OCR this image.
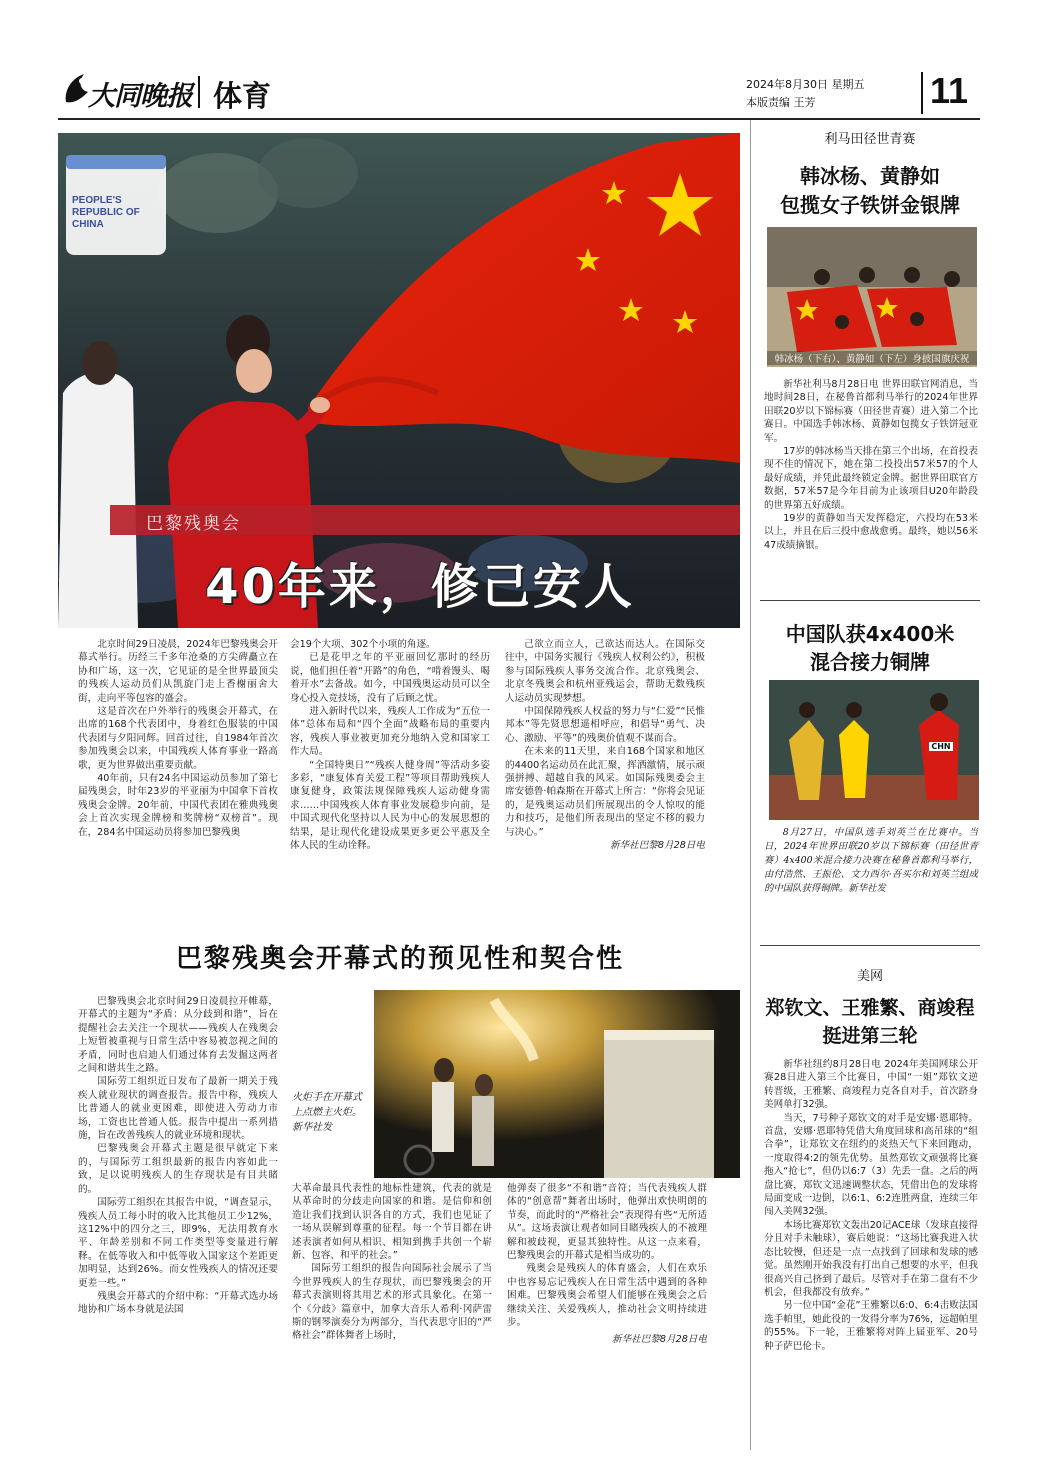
大同晚报 体育	2024年8月30日 星期五
本版责编 王芳	11
PEOPLE'S REPUBLIC OF CHINA
巴黎残奥会
40年来，修己安人

北京时间29日凌晨，2024年巴黎残奥会开幕式举行。历经三千多年沧桑的方尖碑矗立在协和广场，这一次，它见证的是全世界最顶尖的残疾人运动员们从凯旋门走上香榭丽舍大街，走向平等包容的盛会。

这是首次在户外举行的残奥会开幕式，在出席的168个代表团中，身着红色服装的中国代表团与夕阳同辉。回首过往，自1984年首次参加残奥会以来，中国残疾人体育事业一路高歌，更为世界做出重要贡献。

40年前，只有24名中国运动员参加了第七届残奥会，时年23岁的平亚丽为中国拿下首枚残奥会金牌。20年前，中国代表团在雅典残奥会上首次实现金牌榜和奖牌榜“双榜首”。现在，284名中国运动员将参加巴黎残奥

会19个大项、302个小项的角逐。

已是花甲之年的平亚丽回忆那时的经历说，他们担任着“开路”的角色，“啃着馒头、喝着开水”去备战。如今，中国残奥运动员可以全身心投入竞技场，没有了后顾之忧。

进入新时代以来，残疾人工作成为“五位一体”总体布局和“四个全面”战略布局的重要内容，残疾人事业被更加充分地纳入党和国家工作大局。

“全国特奥日”“残疾人健身周”等活动多姿多彩，“康复体育关爱工程”等项目帮助残疾人康复健身，政策法规保障残疾人运动健身需求……中国残疾人体育事业发展稳步向前，是中国式现代化坚持以人民为中心的发展思想的结果，是让现代化建设成果更多更公平惠及全体人民的生动诠释。

己欲立而立人，己欲达而达人。在国际交往中，中国务实履行《残疾人权利公约》，积极参与国际残疾人事务交流合作。北京残奥会、北京冬残奥会和杭州亚残运会，帮助无数残疾人运动员实现梦想。

中国保障残疾人权益的努力与“仁爱”“民惟邦本”等先贤思想遥相呼应，和倡导“勇气、决心、激励、平等”的残奥价值观不谋而合。

在未来的11天里，来自168个国家和地区的4400名运动员在此汇聚，挥洒激情，展示顽强拼搏、超越自我的风采。如国际残奥委会主席安德鲁·帕森斯在开幕式上所言：“你将会见证的，是残奥运动员们所展现出的令人惊叹的能力和技巧，是他们所表现出的坚定不移的毅力与决心。”

新华社巴黎8月28日电

巴黎残奥会开幕式的预见性和契合性

巴黎残奥会北京时间29日凌晨拉开帷幕，开幕式的主题为“矛盾：从分歧到和谐”，旨在提醒社会去关注一个现状——残疾人在残奥会上短暂被重视与日常生活中容易被忽视之间的矛盾，同时也启迪人们通过体育去发掘这两者之间和谐共生之路。

国际劳工组织近日发布了最新一期关于残疾人就业现状的调查报告。报告中称，残疾人比普通人的就业更困难，即使进入劳动力市场，工资也比普通人低。报告中提出一系列措施，旨在改善残疾人的就业环境和现状。

巴黎残奥会开幕式主题是很早就定下来的，与国际劳工组织最新的报告内容如此一致，足以说明残疾人的生存现状是有目共睹的。

国际劳工组织在其报告中说，“调查显示，残疾人员工每小时的收入比其他员工少12%，这12%中的四分之三，即9%，无法用教育水平、年龄差别和不同工作类型等变量进行解释。在低等收入和中低等收入国家这个差距更加明显，达到26%。而女性残疾人的情况还要更差一些。”

残奥会开幕式的介绍中称：“开幕式选办场地协和广场本身就是法国

火炬手在开幕式上点燃主火炬。新华社发

大革命最具代表性的地标性建筑，代表的就是从革命时的分歧走向国家的和谐。是信仰和创造让我们找到认识各自的方式，我们也见证了一场从误解到尊重的征程。每一个节目都在讲述表演者如何从相识、相知到携手共创一个崭新、包容、和平的社会。”

国际劳工组织的报告向国际社会展示了当今世界残疾人的生存现状，而巴黎残奥会的开幕式表演则将其用艺术的形式具象化。在第一个《分歧》篇章中，加拿大音乐人希利·冈萨雷斯的钢琴演奏分为两部分，当代表思守旧的“严格社会”群体舞者上场时，

他弹奏了很多“不和谐”音符；当代表残疾人群体的“创意帮”舞者出场时，他弹出欢快明朗的节奏，而此时的“严格社会”表现得有些“无所适从”。这场表演让观者如同目睹残疾人的不被理解和被歧视，更显其独特性。从这一点来看，巴黎残奥会的开幕式是相当成功的。

残奥会是残疾人的体育盛会，人们在欢乐中也容易忘记残疾人在日常生活中遇到的各种困难。巴黎残奥会希望人们能够在残奥会之后继续关注、关爱残疾人，推动社会文明持续进步。

新华社巴黎8月28日电

利马田径世青赛
韩冰杨、黄静如
包揽女子铁饼金银牌
韩冰杨（下右）、黄静如（下左）身披国旗庆祝

新华社利马8月28日电 世界田联官网消息，当地时间28日，在秘鲁首都利马举行的2024年世界田联20岁以下锦标赛（田径世青赛）进入第二个比赛日。中国选手韩冰杨、黄静如包揽女子铁饼冠亚军。

17岁的韩冰杨当天排在第三个出场，在首投表现不佳的情况下，她在第二投投出57米57的个人最好成绩，并凭此最终锁定金牌。据世界田联官方数据，57米57是今年目前为止该项目U20年龄段的世界第五好成绩。

19岁的黄静如当天发挥稳定，六投均在53米以上，并且在后三投中愈战愈勇。最终，她以56米47成绩摘银。

中国队获4x400米
混合接力铜牌
CHN
8月27日，中国队选手刘英兰在比赛中。当日，2024年世界田联20岁以下锦标赛（田径世青赛）4x400米混合接力决赛在秘鲁首都利马举行，由付浩然、王振伦、文力西尔·吾买尔和刘英兰组成的中国队获得铜牌。新华社发
美网
郑钦文、王雅繁、商竣程
挺进第三轮

新华社纽约8月28日电 2024年美国网球公开赛28日进入第三个比赛日，中国“一姐”郑钦文逆转晋级，王雅繁、商竣程力克各自对手，首次跻身美网单打32强。

当天，7号种子郑钦文的对手是安娜·恩耶特。首盘，安娜·恩耶特凭借大角度回球和高吊球的“组合拳”，让郑钦文在纽约的炎热天气下来回跑动，一度取得4:2的领先优势。虽然郑钦文顽强将比赛拖入“抢七”，但仍以6:7（3）先丢一盘。之后的两盘比赛，郑钦文迅速调整状态，凭借出色的发球将局面变成一边倒，以6:1、6:2连胜两盘，连续三年闯入美网32强。

本场比赛郑钦文轰出20记ACE球（发球直接得分且对手未触球），赛后她说：“这场比赛我进入状态比较慢，但还是一点一点找到了回球和发球的感觉。虽然刚开始我没有打出自己想要的水平，但我很高兴自己挤到了最后。尽管对手在第二盘有不少机会，但我都没有放弃。”

另一位中国“金花”王雅繁以6:0、6:4击败法国选手帕里，她此役的一发得分率为76%，远超帕里的55%。下一轮，王雅繁将对阵上届亚军、20号种子萨巴伦卡。
